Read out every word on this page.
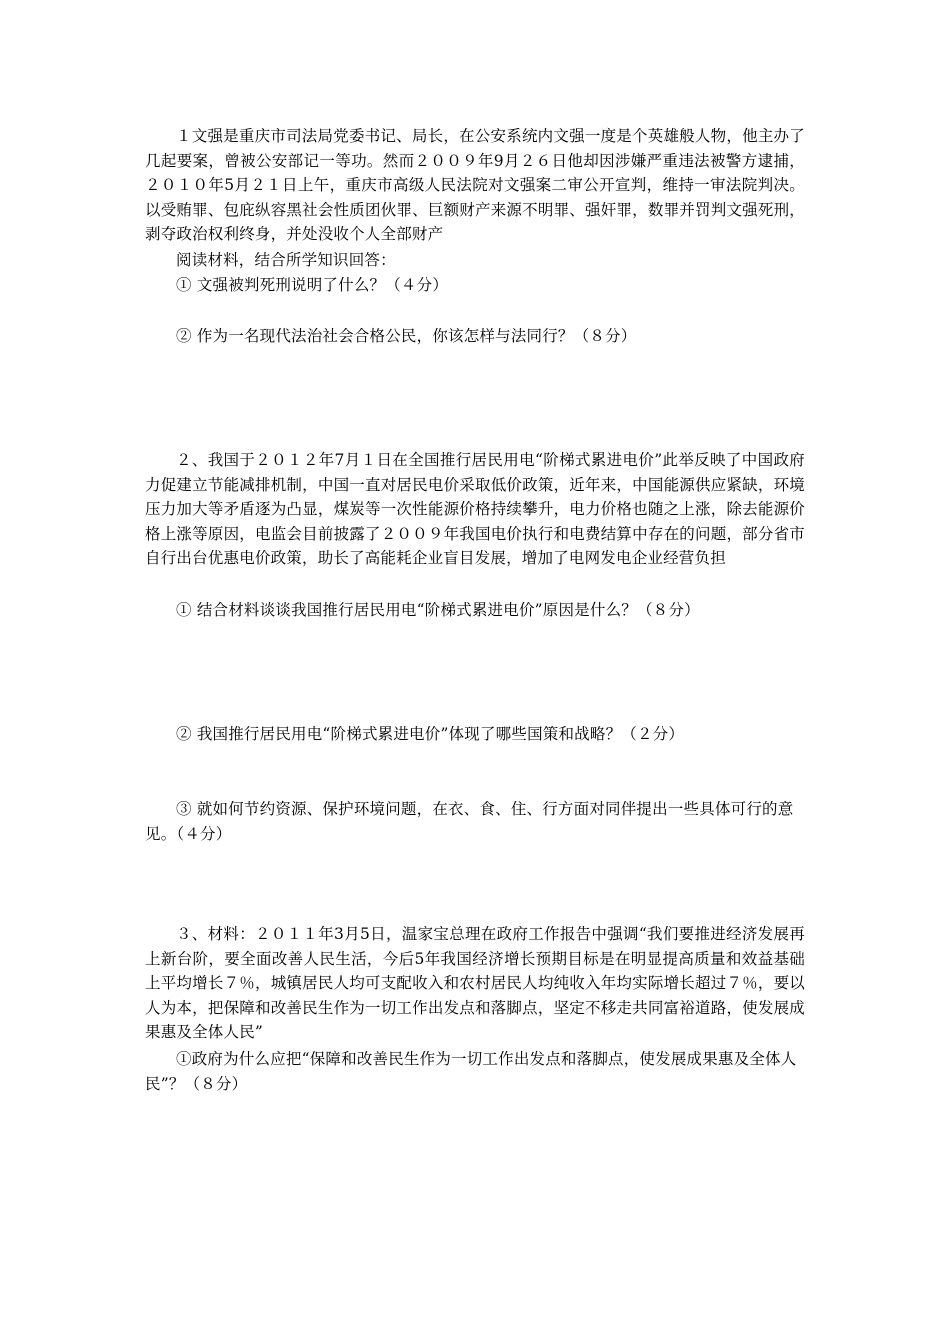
１文强是重庆市司法局党委书记、局长，在公安系统内文强一度是个英雄般人物，他主办了几起要案，曾被公安部记一等功。然而２００９年9月２６日他却因涉嫌严重违法被警方逮捕，２０１０年5月２１日上午，重庆市高级人民法院对文强案二审公开宣判，维持一审法院判决。以受贿罪、包庇纵容黑社会性质团伙罪、巨额财产来源不明罪、强奸罪，数罪并罚判文强死刑，剥夺政治权利终身，并处没收个人全部财产

阅读材料，结合所学知识回答：

① 文强被判死刑说明了什么？（４分）

② 作为一名现代法治社会合格公民，你该怎样与法同行？（８分）

２、我国于２０１２年7月１日在全国推行居民用电“阶梯式累进电价”此举反映了中国政府力促建立节能减排机制，中国一直对居民电价采取低价政策，近年来，中国能源供应紧缺，环境压力加大等矛盾逐为凸显，煤炭等一次性能源价格持续攀升，电力价格也随之上涨，除去能源价格上涨等原因，电监会目前披露了２００９年我国电价执行和电费结算中存在的问题，部分省市自行出台优惠电价政策，助长了高能耗企业盲目发展，增加了电网发电企业经营负担

① 结合材料谈谈我国推行居民用电“阶梯式累进电价”原因是什么？（８分）

② 我国推行居民用电“阶梯式累进电价”体现了哪些国策和战略？（２分）

③ 就如何节约资源、保护环境问题，在衣、食、住、行方面对同伴提出一些具体可行的意见。（４分）

３、材料：２０１１年3月5日，温家宝总理在政府工作报告中强调“我们要推进经济发展再上新台阶，要全面改善人民生活，今后5年我国经济增长预期目标是在明显提高质量和效益基础上平均增长７％，城镇居民人均可支配收入和农村居民人均纯收入年均实际增长超过７％，要以人为本，把保障和改善民生作为一切工作出发点和落脚点，坚定不移走共同富裕道路，使发展成果惠及全体人民”

①政府为什么应把“保障和改善民生作为一切工作出发点和落脚点，使发展成果惠及全体人民”？（８分）
